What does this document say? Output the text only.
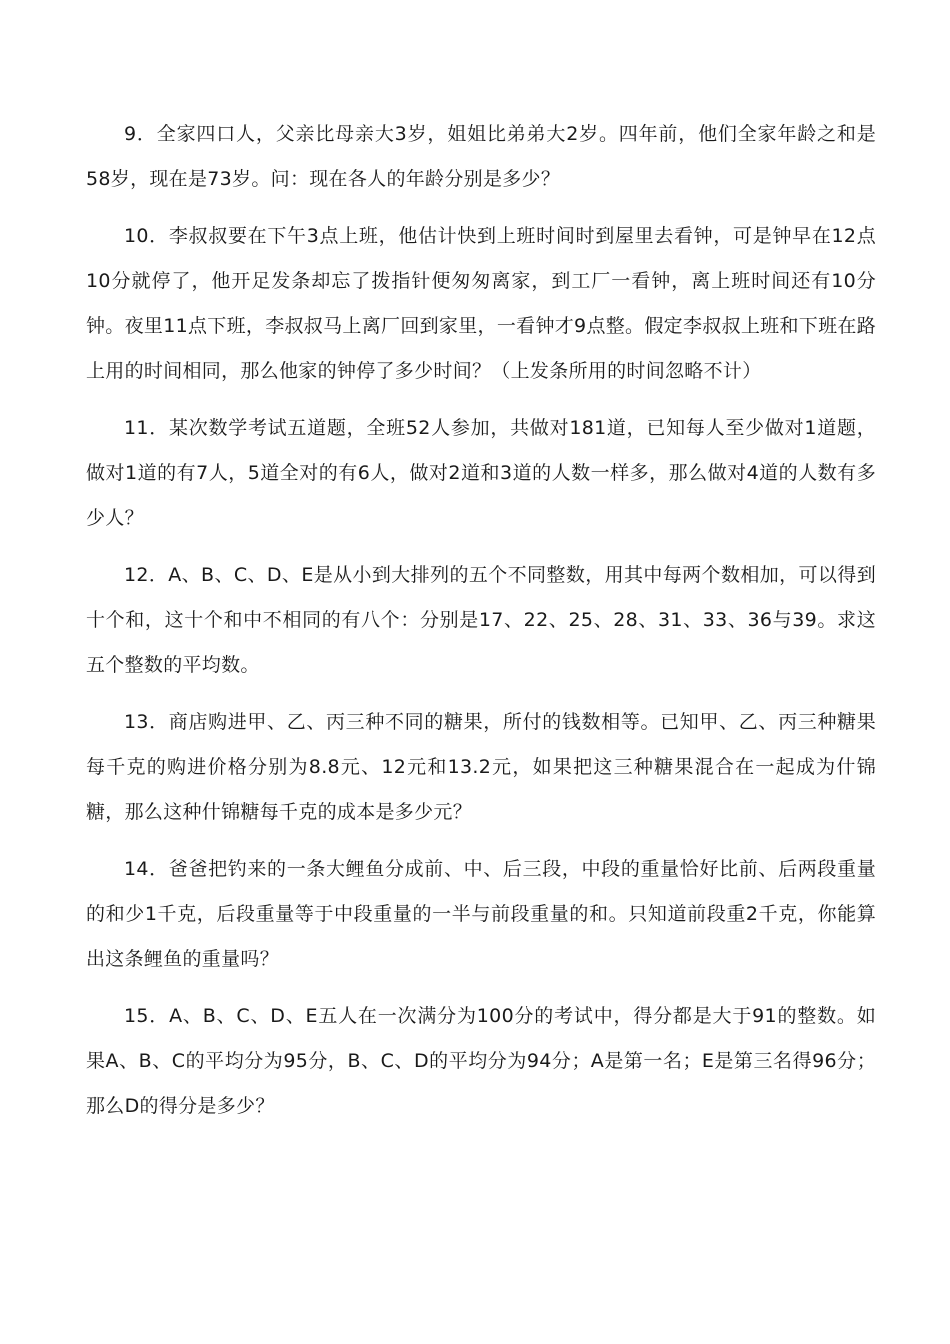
9．全家四口人，父亲比母亲大3岁，姐姐比弟弟大2岁。四年前，他们全家年龄之和是58岁，现在是73岁。问：现在各人的年龄分别是多少？

10．李叔叔要在下午3点上班，他估计快到上班时间时到屋里去看钟，可是钟早在12点10分就停了，他开足发条却忘了拨指针便匆匆离家，到工厂一看钟，离上班时间还有10分钟。夜里11点下班，李叔叔马上离厂回到家里，一看钟才9点整。假定李叔叔上班和下班在路上用的时间相同，那么他家的钟停了多少时间？（上发条所用的时间忽略不计）

11．某次数学考试五道题，全班52人参加，共做对181道，已知每人至少做对1道题，做对1道的有7人，5道全对的有6人，做对2道和3道的人数一样多，那么做对4道的人数有多少人？

12．A、B、C、D、E是从小到大排列的五个不同整数，用其中每两个数相加，可以得到十个和，这十个和中不相同的有八个：分别是17、22、25、28、31、33、36与39。求这五个整数的平均数。

13．商店购进甲、乙、丙三种不同的糖果，所付的钱数相等。已知甲、乙、丙三种糖果每千克的购进价格分别为8.8元、12元和13.2元，如果把这三种糖果混合在一起成为什锦糖，那么这种什锦糖每千克的成本是多少元？

14．爸爸把钓来的一条大鲤鱼分成前、中、后三段，中段的重量恰好比前、后两段重量的和少1千克，后段重量等于中段重量的一半与前段重量的和。只知道前段重2千克，你能算出这条鲤鱼的重量吗？

15．A、B、C、D、E五人在一次满分为100分的考试中，得分都是大于91的整数。如果A、B、C的平均分为95分，B、C、D的平均分为94分；A是第一名；E是第三名得96分；那么D的得分是多少？
